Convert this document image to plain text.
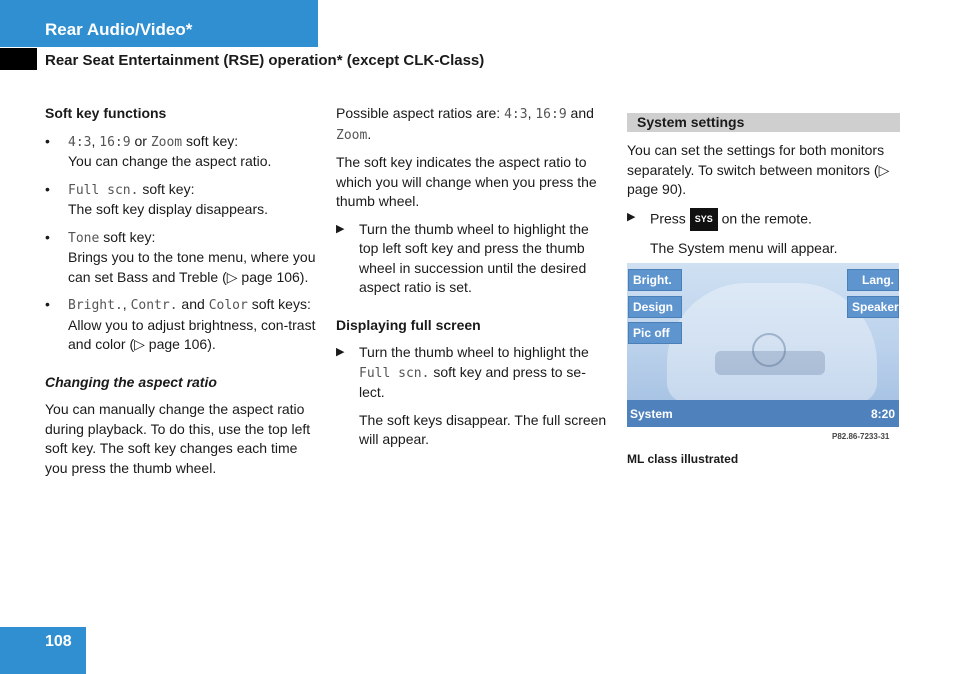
Rear Audio/Video*
Rear Seat Entertainment (RSE) operation* (except CLK-Class)
Soft key functions
• 4:3, 16:9 or Zoom soft key:
You can change the aspect ratio.
• Full scn. soft key:
The soft key display disappears.
• Tone soft key:
Brings you to the tone menu, where you can set Bass and Treble (▷ page 106).
• Bright., Contr. and Color soft keys:
Allow you to adjust brightness, con-trast and color (▷ page 106).
Changing the aspect ratio

You can manually change the aspect ratio during playback. To do this, use the top left soft key. The soft key changes each time you press the thumb wheel.

Possible aspect ratios are: 4:3, 16:9 and Zoom.

The soft key indicates the aspect ratio to which you will change when you press the thumb wheel.

▶ Turn the thumb wheel to highlight the top left soft key and press the thumb wheel in succession until the desired aspect ratio is set.
Displaying full screen
▶ Turn the thumb wheel to highlight the Full scn. soft key and press to se-lect.

The soft keys disappear. The full screen will appear.

System settings

You can set the settings for both monitors separately. To switch between monitors (▷ page 90).

▶ Press SYS on the remote.

The System menu will appear.

Bright.
Design
Pic off
Lang.
Speaker
System	8:20
P82.86-7233-31
ML class illustrated
108
